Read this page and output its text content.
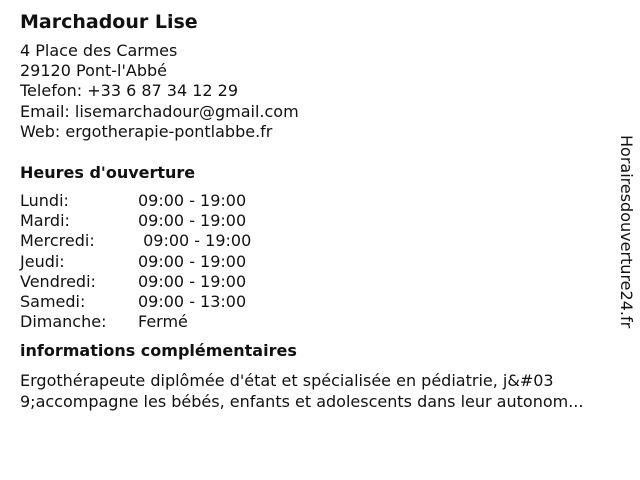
Marchadour Lise
4 Place des Carmes
29120 Pont-l'Abbé
Telefon: +33 6 87 34 12 29
Email: lisemarchadour@gmail.com
Web: ergotherapie-pontlabbe.fr
Heures d'ouverture
Lundi:	09:00 - 19:00
Mardi:	09:00 - 19:00
Mercredi:	09:00 - 19:00
Jeudi:	09:00 - 19:00
Vendredi:	09:00 - 19:00
Samedi:	09:00 - 13:00
Dimanche:	Fermé
informations complémentaires
Ergothérapeute diplômée d'état et spécialisée en pédiatrie, j&#03
9;accompagne les bébés, enfants et adolescents dans leur autonom...
Horairesdouverture24.fr
